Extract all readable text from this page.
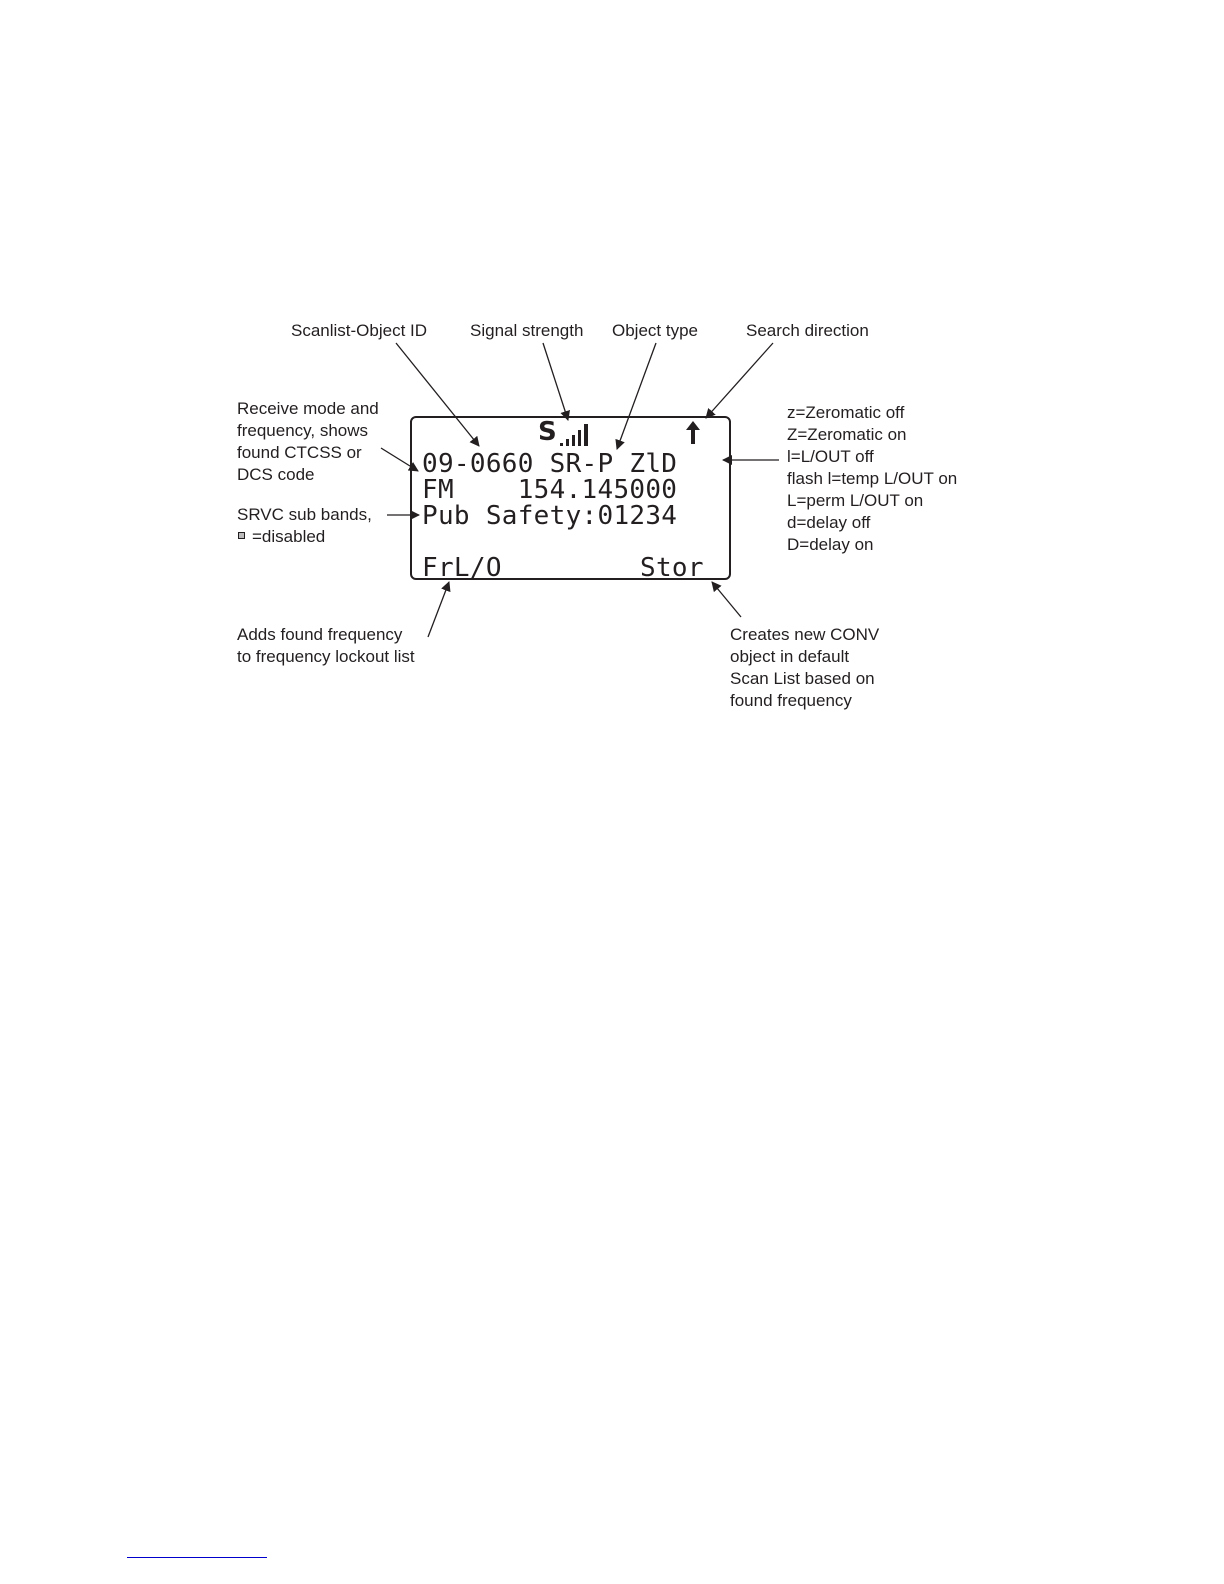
Scanlist-Object ID	Signal strength Object type	Search direction
Receive mode and
frequency, shows
found CTCSS or
DCS code
SRVC sub bands,
=disabled
z=Zeromatic off
Z=Zeromatic on
l=L/OUT off
flash l=temp L/OUT on
L=perm L/OUT on
d=delay off
D=delay on
Adds found frequency
to frequency lockout list
Creates new CONV
object in default
Scan List based on
found frequency
S
09-0660 SR-P ZlD
FM    154.145000
Pub Safety:01234
FrL/O	Stor
